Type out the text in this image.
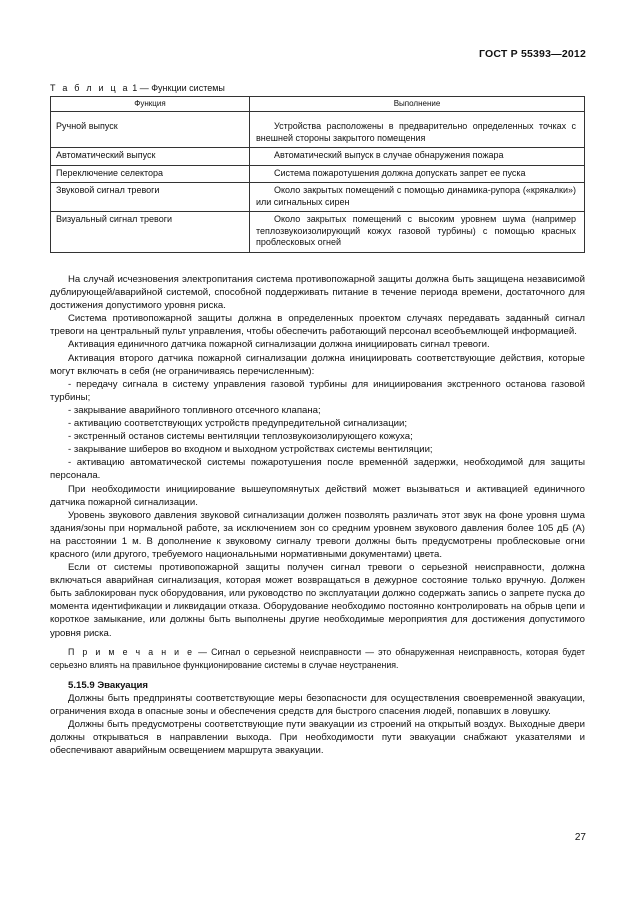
ГОСТ Р 55393—2012
Т а б л и ц а 1 — Функции системы
Функция	Выполнение
Ручной выпуск	Устройства расположены в предварительно определенных точках с внешней стороны закрытого помещения
Автоматический выпуск	Автоматический выпуск в случае обнаружения пожара
Переключение селектора	Система пожаротушения должна допускать запрет ее пуска
Звуковой сигнал тревоги	Около закрытых помещений с помощью динамика-рупора («крякалки») или сигнальных сирен
Визуальный сигнал тревоги	Около закрытых помещений с высоким уровнем шума (например теплозвукоизолирующий кожух газовой турбины) с помощью красных проблесковых огней

На случай исчезновения электропитания система противопожарной защиты должна быть защищена независимой дублирующей/аварийной системой, способной поддерживать питание в течение периода времени, достаточного для достижения допустимого уровня риска.

Система противопожарной защиты должна в определенных проектом случаях передавать заданный сигнал тревоги на центральный пульт управления, чтобы обеспечить работающий персонал всеобъемлющей информацией.

Активация единичного датчика пожарной сигнализации должна инициировать сигнал тревоги.

Активация второго датчика пожарной сигнализации должна инициировать соответствующие действия, которые могут включать в себя (не ограничиваясь перечисленным):

- передачу сигнала в систему управления газовой турбины для инициирования экстренного останова газовой турбины;

- закрывание аварийного топливного отсечного клапана;

- активацию соответствующих устройств предупредительной сигнализации;

- экстренный останов системы вентиляции теплозвукоизолирующего кожуха;

- закрывание шиберов во входном и выходном устройствах системы вентиляции;

- активацию автоматической системы пожаротушения после временнóй задержки, необходимой для защиты персонала.

При необходимости инициирование вышеупомянутых действий может вызываться и активацией единичного датчика пожарной сигнализации.

Уровень звукового давления звуковой сигнализации должен позволять различать этот звук на фоне уровня шума здания/зоны при нормальной работе, за исключением зон со средним уровнем звукового давления более 105 дБ (А) на расстоянии 1 м. В дополнение к звуковому сигналу тревоги должны быть предусмотрены проблесковые огни красного (или другого, требуемого национальными нормативными документами) цвета.

Если от системы противопожарной защиты получен сигнал тревоги о серьезной неисправности, должна включаться аварийная сигнализация, которая может возвращаться в дежурное состояние только вручную. Должен быть заблокирован пуск оборудования, или руководство по эксплуатации должно содержать запись о запрете пуска до момента идентификации и ликвидации отказа. Оборудование необходимо постоянно контролировать на обрыв цепи и короткое замыкание, или должны быть выполнены другие необходимые мероприятия для достижения допустимого уровня риска.

П р и м е ч а н и е — Сигнал о серьезной неисправности — это обнаруженная неисправность, которая будет серьезно влиять на правильное функционирование системы в случае неустранения.

5.15.9 Эвакуация

Должны быть предприняты соответствующие меры безопасности для осуществления своевременной эвакуации, ограничения входа в опасные зоны и обеспечения средств для быстрого спасения людей, попавших в ловушку.

Должны быть предусмотрены соответствующие пути эвакуации из строений на открытый воздух. Выходные двери должны открываться в направлении выхода. При необходимости пути эвакуации снабжают указателями и обеспечивают аварийным освещением маршрута эвакуации.

27
